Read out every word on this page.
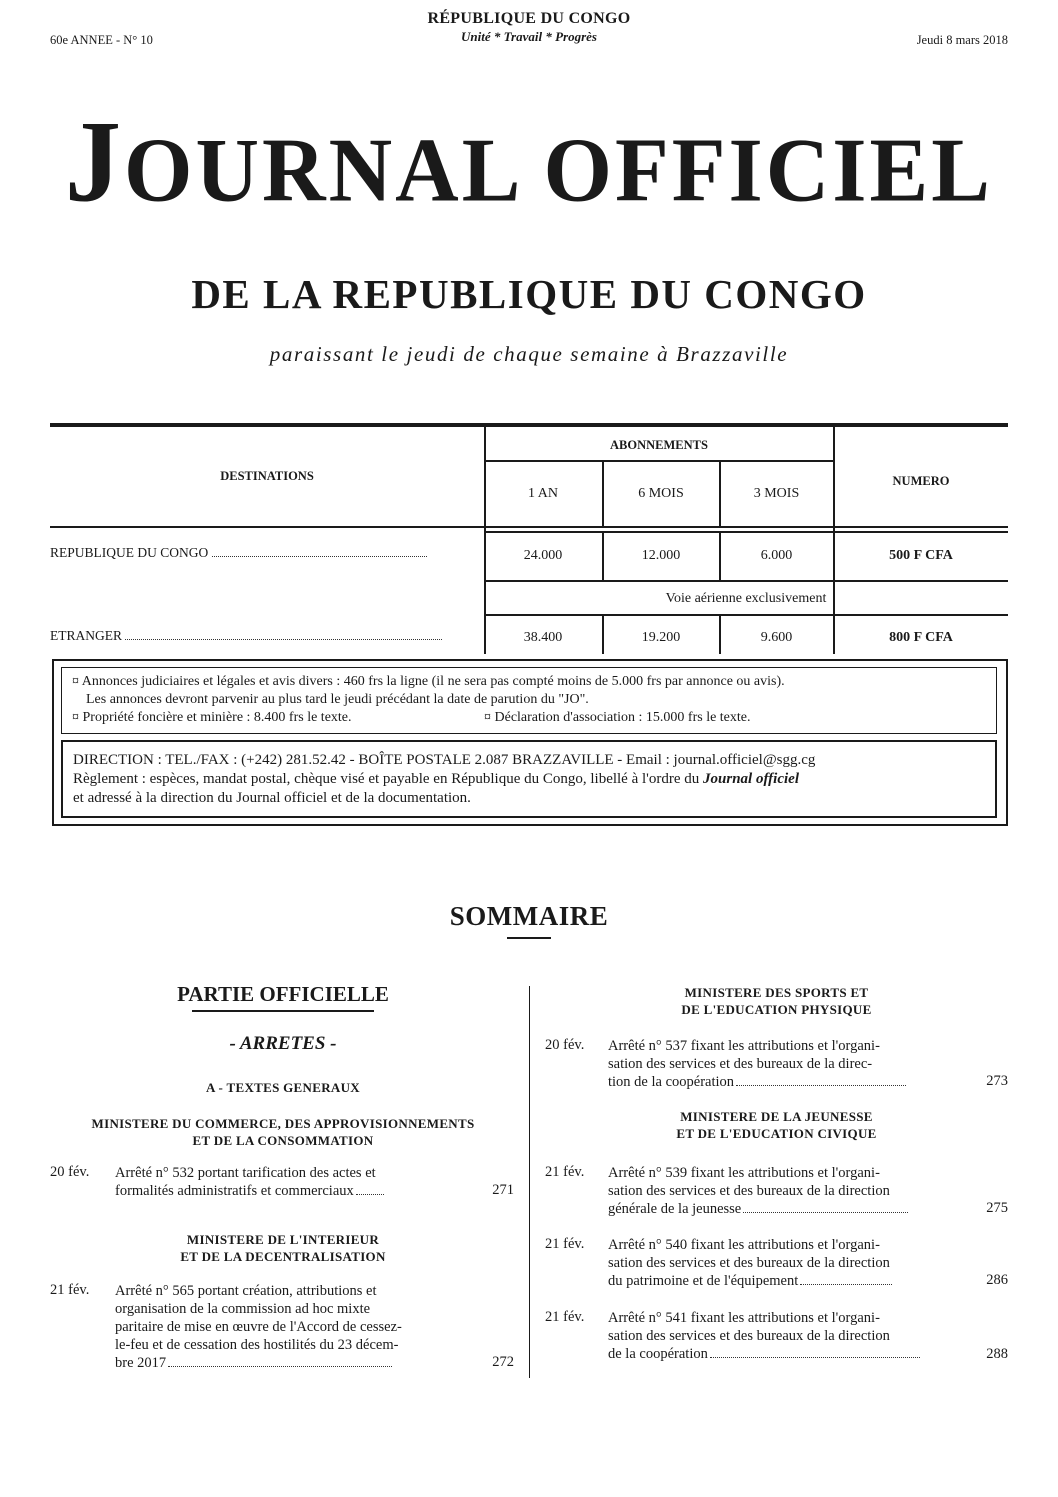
60e ANNEE - N° 10	Jeudi 8 mars 2018
RÉPUBLIQUE DU CONGO
Unité * Travail * Progrès
JOURNAL OFFICIEL
DE LA REPUBLIQUE DU CONGO
paraissant le jeudi de chaque semaine à Brazzaville
DESTINATIONS
ABONNEMENTS
NUMERO
1 AN	6 MOIS	3 MOIS
REPUBLIQUE DU CONGO	24.000	12.000	6.000	500 F CFA
Voie aérienne exclusivement
ETRANGER	38.400	19.200	9.600	800 F CFA
¤ Annonces judiciaires et légales et avis divers : 460 frs la ligne (il ne sera pas compté moins de 5.000 frs par annonce ou avis).
Les annonces devront parvenir au plus tard le jeudi précédant la date de parution du "JO".
¤ Propriété foncière et minière : 8.400 frs le texte.	¤ Déclaration d'association : 15.000 frs le texte.
DIRECTION : TEL./FAX : (+242) 281.52.42 - BOÎTE POSTALE 2.087 BRAZZAVILLE - Email : journal.officiel@sgg.cg
Règlement : espèces, mandat postal, chèque visé et payable en République du Congo, libellé à l'ordre du Journal officiel
et adressé à la direction du Journal officiel et de la documentation.
SOMMAIRE
PARTIE OFFICIELLE
- ARRETES -
A - TEXTES GENERAUX
MINISTERE DU COMMERCE, DES APPROVISIONNEMENTS
ET DE LA CONSOMMATION
20 fév. Arrêté n° 532 portant tarification des actes et
formalités administratifs et commerciaux	271
MINISTERE DE L'INTERIEUR
ET DE LA DECENTRALISATION
21 fév. Arrêté n° 565 portant création, attributions et
organisation de la commission ad hoc mixte
paritaire de mise en œuvre de l'Accord de cessez-
le-feu et de cessation des hostilités du 23 décem-
bre 2017	272
MINISTERE DES SPORTS ET
DE L'EDUCATION PHYSIQUE
20 fév. Arrêté n° 537 fixant les attributions et l'organi-
sation des services et des bureaux de la direc-
tion de la coopération	273
MINISTERE DE LA JEUNESSE
ET DE L'EDUCATION CIVIQUE
21 fév. Arrêté n° 539 fixant les attributions et l'organi-
sation des services et des bureaux de la direction
générale de la jeunesse	275
21 fév. Arrêté n° 540 fixant les attributions et l'organi-
sation des services et des bureaux de la direction
du patrimoine et de l'équipement	286
21 fév. Arrêté n° 541 fixant les attributions et l'organi-
sation des services et des bureaux de la direction
de la coopération	288
